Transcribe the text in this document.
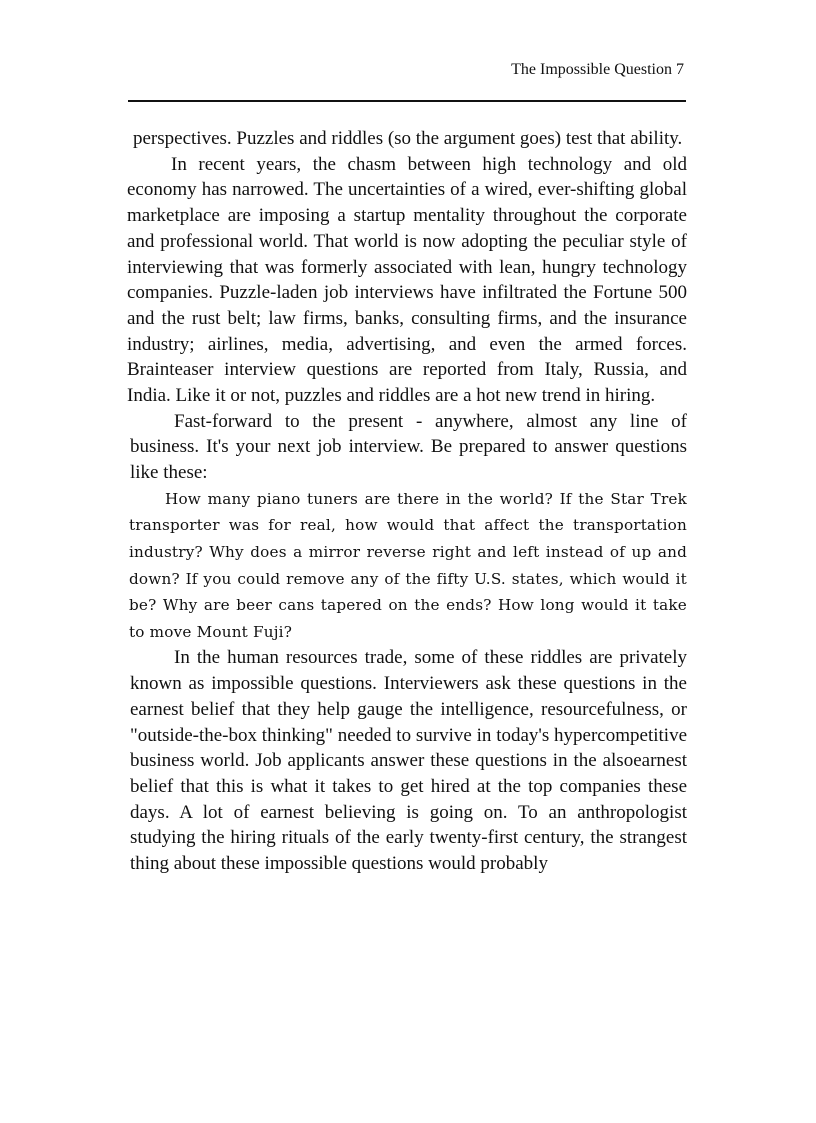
The Impossible Question 7

perspectives. Puzzles and riddles (so the argument goes) test that ability.

In recent years, the chasm between high technology and old economy has narrowed. The uncertainties of a wired, ever-shifting global marketplace are imposing a startup mentality throughout the corporate and professional world. That world is now adopting the peculiar style of interviewing that was formerly associated with lean, hungry technology companies. Puzzle-laden job interviews have infiltrated the Fortune 500 and the rust belt; law firms, banks, consulting firms, and the insurance industry; airlines, media, advertising, and even the armed forces. Brainteaser interview questions are reported from Italy, Russia, and India. Like it or not, puzzles and riddles are a hot new trend in hiring.

Fast-forward to the present - anywhere, almost any line of business. It's your next job interview. Be prepared to answer questions like these:

How many piano tuners are there in the world? If the Star Trek transporter was for real, how would that affect the transportation industry? Why does a mirror reverse right and left instead of up and down? If you could remove any of the fifty U.S. states, which would it be? Why are beer cans tapered on the ends? How long would it take to move Mount Fuji?

In the human resources trade, some of these riddles are privately known as impossible questions. Interviewers ask these questions in the earnest belief that they help gauge the intelligence, resourcefulness, or "outside-the-box thinking" needed to survive in today's hypercompetitive business world. Job applicants answer these questions in the alsoearnest belief that this is what it takes to get hired at the top companies these days. A lot of earnest believing is going on. To an anthropologist studying the hiring rituals of the early twenty-first century, the strangest thing about these impossible questions would probably
